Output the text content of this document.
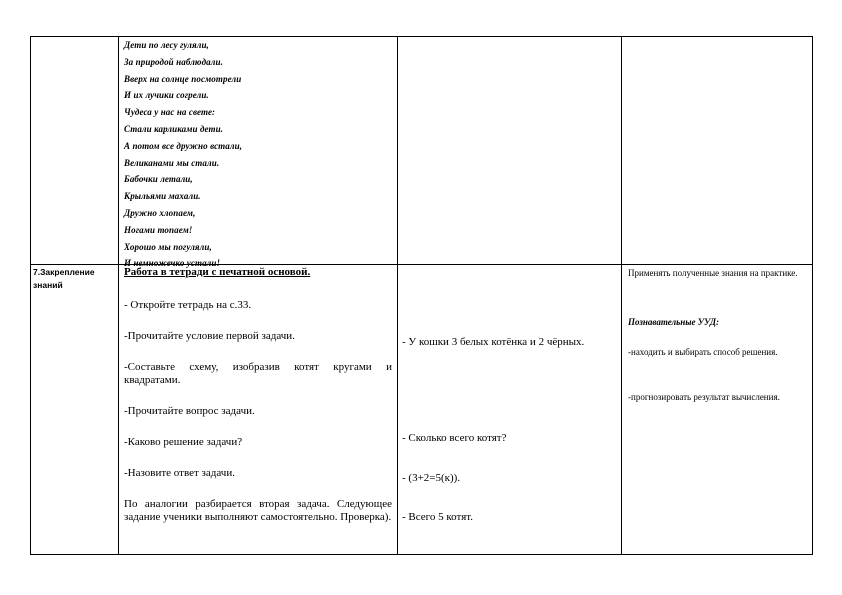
Дети по лесу гуляли,
За природой наблюдали.
Вверх на солнце посмотрели
И их лучики согрели.
Чудеса у нас на свете:
Стали карликами дети.
А потом все дружно встали,
Великанами мы стали.
Бабочки летали,
Крыльями махали.
Дружно хлопаем,
Ногами топаем!
Хорошо мы погуляли,
И немножечко устали!
7.Закрепление знаний

Работа в тетради с печатной основой.

- Откройте тетрадь на с.33.

-Прочитайте условие первой задачи.

-Составьте схему, изобразив котят кругами и квадратами.

-Прочитайте вопрос задачи.

-Каково решение задачи?

-Назовите ответ задачи.

По аналогии разбирается вторая задача. Следующее задание ученики выполняют самостоятельно. Проверка).

- У кошки 3 белых котёнка и 2 чёрных.
- Сколько всего котят?
- (3+2=5(к)).
- Всего 5 котят.
Применять полученные знания на практике.
Познавательные УУД:
-находить и выбирать способ решения.
-прогнозировать результат вычисления.
